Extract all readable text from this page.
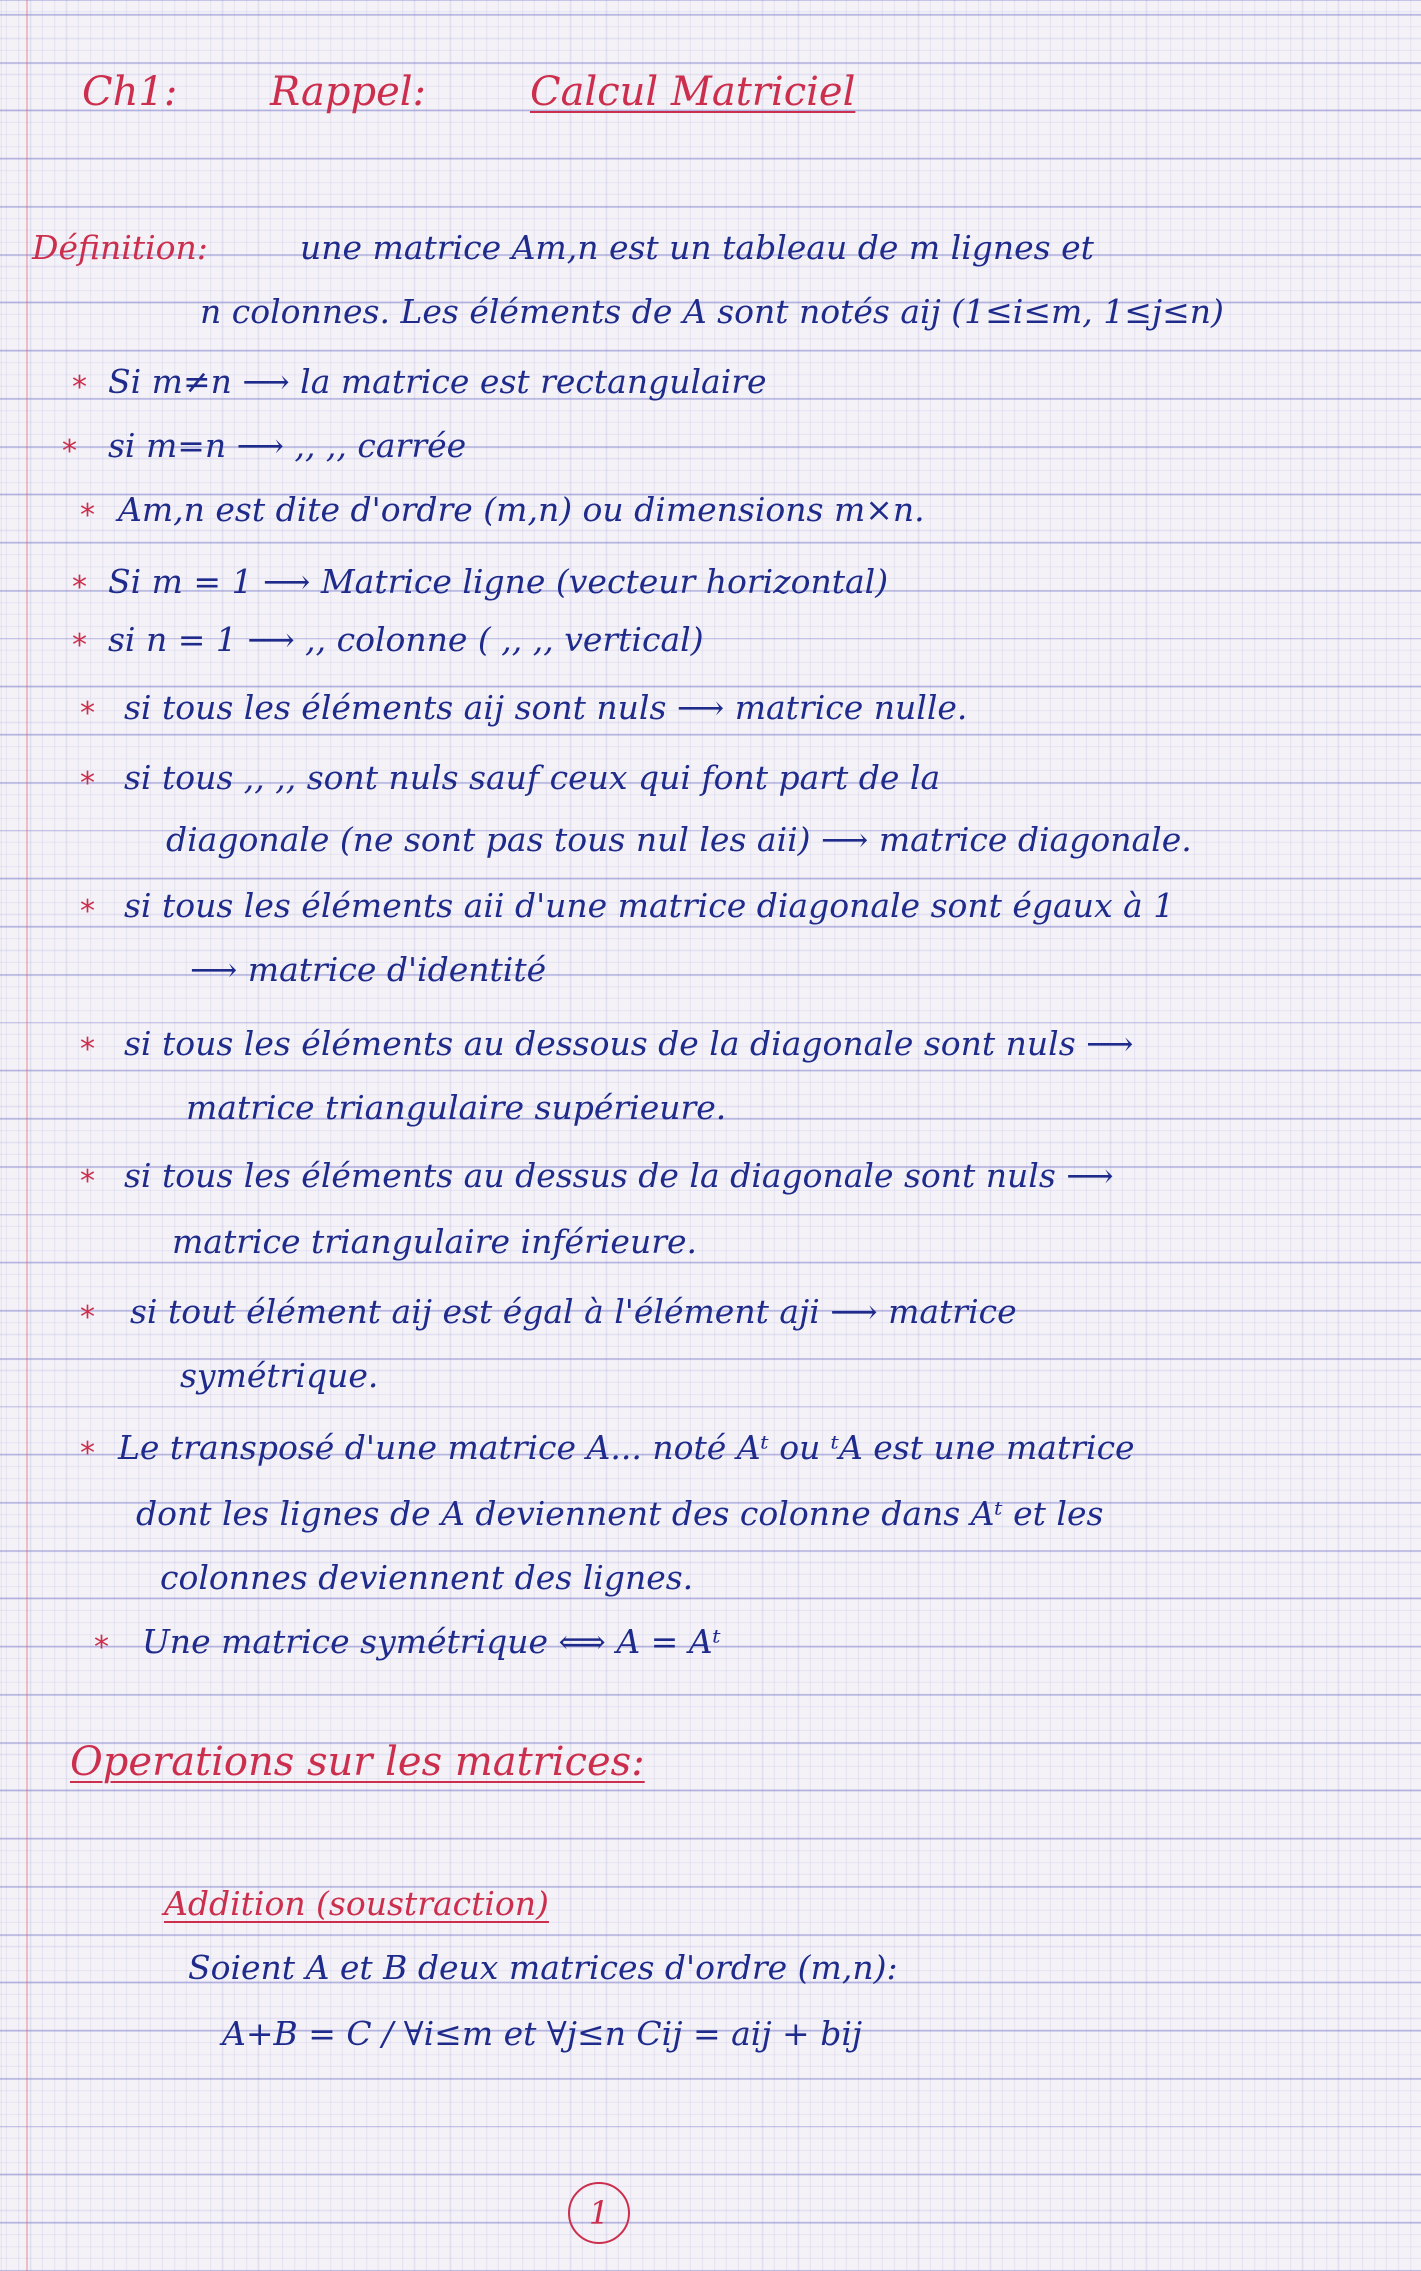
Ch1: Rappel:	Calcul Matriciel
Définition:	une matrice Am,n est un tableau de m lignes et
n colonnes. Les éléments de A sont notés aij (1≤i≤m, 1≤j≤n)
* Si m≠n ⟶ la matrice est rectangulaire
* si m=n ⟶ ,, ,, carrée
* Am,n est dite d'ordre (m,n) ou dimensions m×n.
* Si m = 1 ⟶ Matrice ligne (vecteur horizontal)
* si n = 1 ⟶ ,, colonne ( ,, ,, vertical)
* si tous les éléments aij sont nuls ⟶ matrice nulle.
* si tous ,, ,, sont nuls sauf ceux qui font part de la
diagonale (ne sont pas tous nul les aii) ⟶ matrice diagonale.
* si tous les éléments aii d'une matrice diagonale sont égaux à 1
⟶ matrice d'identité
* si tous les éléments au dessous de la diagonale sont nuls ⟶
matrice triangulaire supérieure.
* si tous les éléments au dessus de la diagonale sont nuls ⟶
matrice triangulaire inférieure.
* si tout élément aij est égal à l'élément aji ⟶ matrice
symétrique.
* Le transposé d'une matrice A... noté Aᵗ ou ᵗA est une matrice
dont les lignes de A deviennent des colonne dans Aᵗ et les
colonnes deviennent des lignes.
* Une matrice symétrique ⟺ A = Aᵗ
Operations sur les matrices:
Addition (soustraction)
Soient A et B deux matrices d'ordre (m,n):
A+B = C / ∀i≤m et ∀j≤n Cij = aij + bij
1
